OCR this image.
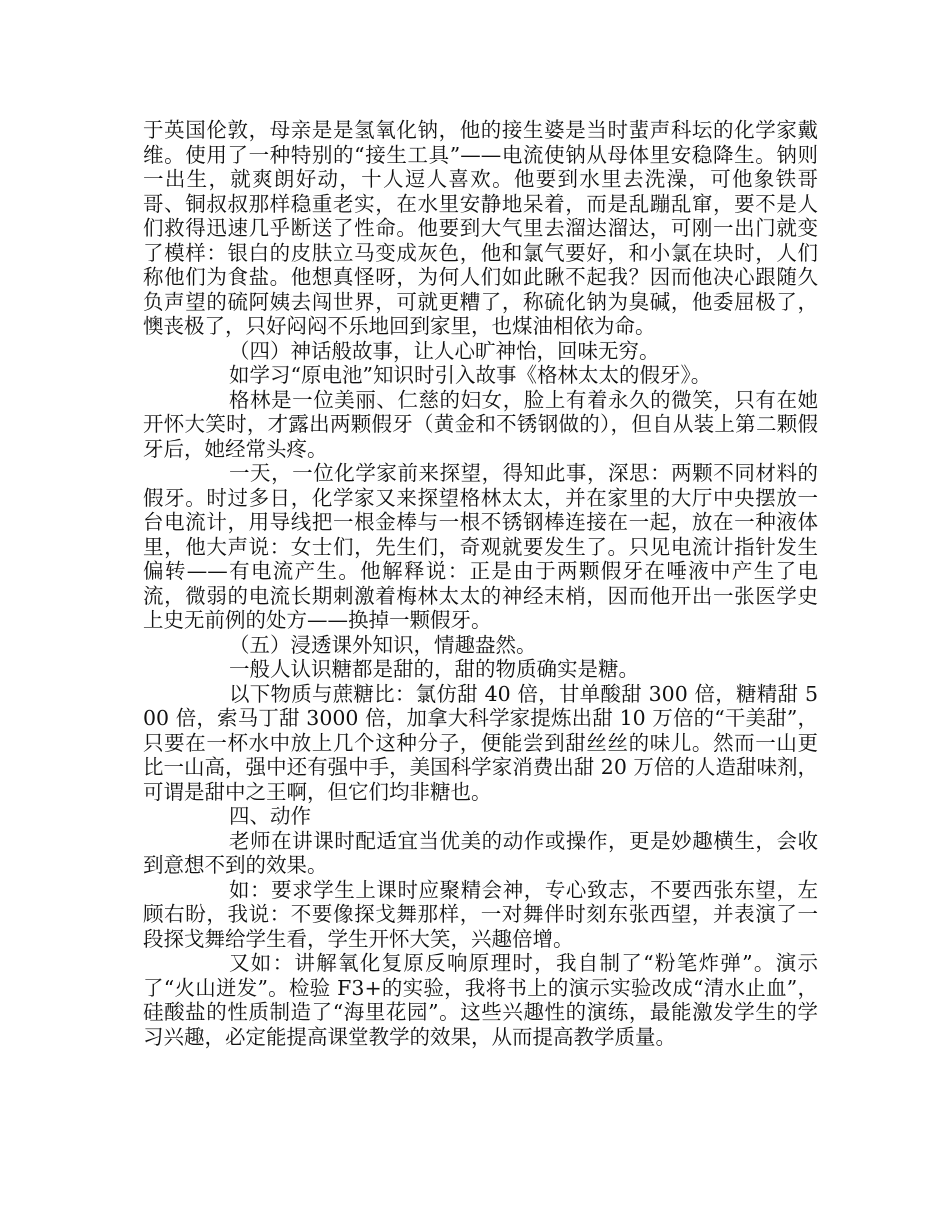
于英国伦敦，母亲是是氢氧化钠，他的接生婆是当时蜚声科坛的化学家戴维。使用了一种特别的“接生工具”——电流使钠从母体里安稳降生。钠则一出生，就爽朗好动，十人逗人喜欢。他要到水里去洗澡，可他象铁哥哥、铜叔叔那样稳重老实，在水里安静地呆着，而是乱蹦乱窜，要不是人们救得迅速几乎断送了性命。他要到大气里去溜达溜达，可刚一出门就变了模样：银白的皮肤立马变成灰色，他和氯气要好，和小氯在块时，人们称他们为食盐。他想真怪呀，为何人们如此瞅不起我？因而他决心跟随久负声望的硫阿姨去闯世界，可就更糟了，称硫化钠为臭碱，他委屈极了，懊丧极了，只好闷闷不乐地回到家里，也煤油相依为命。

（四）神话般故事，让人心旷神怡，回味无穷。

如学习“原电池”知识时引入故事《格林太太的假牙》。

格林是一位美丽、仁慈的妇女，脸上有着永久的微笑，只有在她开怀大笑时，才露出两颗假牙（黄金和不锈钢做的），但自从装上第二颗假牙后，她经常头疼。

一天，一位化学家前来探望，得知此事，深思：两颗不同材料的假牙。时过多日，化学家又来探望格林太太，并在家里的大厅中央摆放一台电流计，用导线把一根金棒与一根不锈钢棒连接在一起，放在一种液体里，他大声说：女士们，先生们，奇观就要发生了。只见电流计指针发生偏转——有电流产生。他解释说：正是由于两颗假牙在唾液中产生了电流，微弱的电流长期刺激着梅林太太的神经末梢，因而他开出一张医学史上史无前例的处方——换掉一颗假牙。

（五）浸透课外知识，情趣盎然。

一般人认识糖都是甜的，甜的物质确实是糖。

以下物质与蔗糖比：氯仿甜 40 倍，甘单酸甜 300 倍，糖精甜 500 倍，索马丁甜 3000 倍，加拿大科学家提炼出甜 10 万倍的“干美甜”，只要在一杯水中放上几个这种分子，便能尝到甜丝丝的味儿。然而一山更比一山高，强中还有强中手，美国科学家消费出甜 20 万倍的人造甜味剂，可谓是甜中之王啊，但它们均非糖也。

四、动作

老师在讲课时配适宜当优美的动作或操作，更是妙趣横生，会收到意想不到的效果。

如：要求学生上课时应聚精会神，专心致志，不要西张东望，左顾右盼，我说：不要像探戈舞那样，一对舞伴时刻东张西望，并表演了一段探戈舞给学生看，学生开怀大笑，兴趣倍增。

又如：讲解氧化复原反响原理时，我自制了“粉笔炸弹”。演示了“火山迸发”。检验 F3+的实验，我将书上的演示实验改成“清水止血”，硅酸盐的性质制造了“海里花园”。这些兴趣性的演练，最能激发学生的学习兴趣，必定能提高课堂教学的效果，从而提高教学质量。
